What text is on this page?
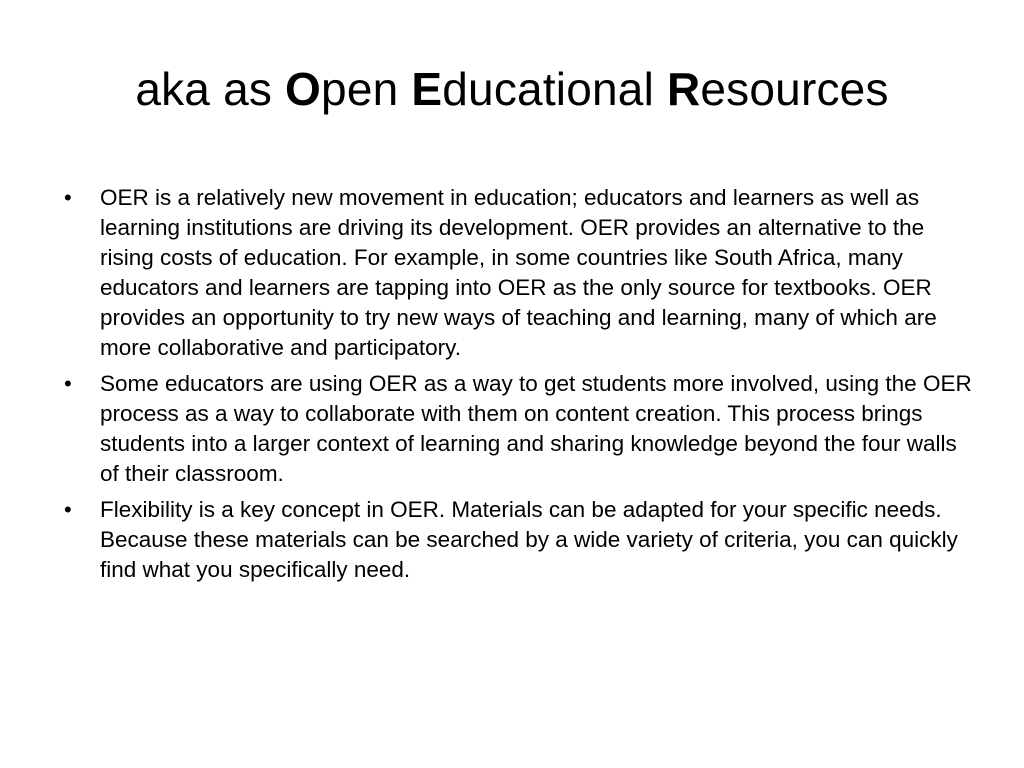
aka as Open Educational Resources
• OER is a relatively new movement in education; educators and learners as well as learning institutions are driving its development. OER provides an alternative to the rising costs of education. For example, in some countries like South Africa, many educators and learners are tapping into OER as the only source for textbooks. OER provides an opportunity to try new ways of teaching and learning, many of which are more collaborative and participatory.
• Some educators are using OER as a way to get students more involved, using the OER process as a way to collaborate with them on content creation. This process brings students into a larger context of learning and sharing knowledge beyond the four walls of their classroom.
• Flexibility is a key concept in OER. Materials can be adapted for your specific needs. Because these materials can be searched by a wide variety of criteria, you can quickly find what you specifically need.
